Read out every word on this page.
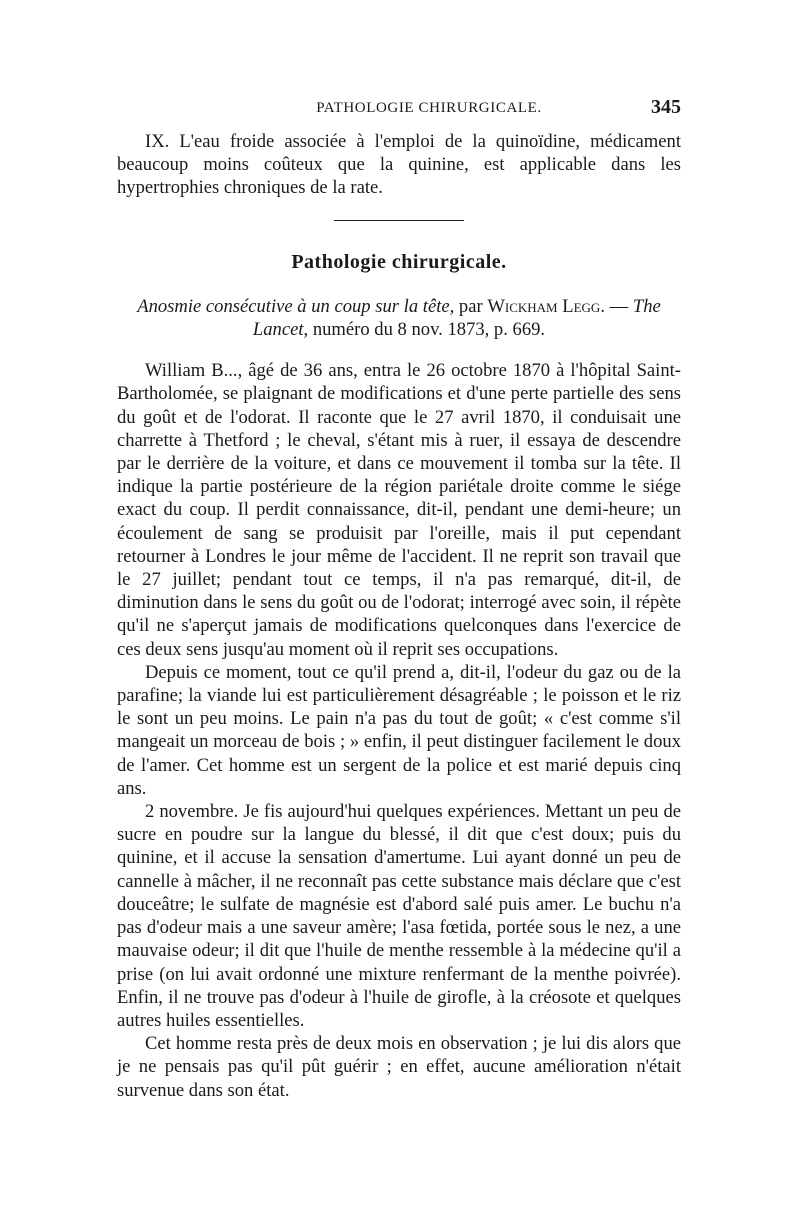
PATHOLOGIE CHIRURGICALE.	345

IX. L'eau froide associée à l'emploi de la quinoïdine, médicament beaucoup moins coûteux que la quinine, est applicable dans les hypertrophies chroniques de la rate.

Pathologie chirurgicale.
Anosmie consécutive à un coup sur la tête, par Wickham Legg. — The Lancet, numéro du 8 nov. 1873, p. 669.

William B..., âgé de 36 ans, entra le 26 octobre 1870 à l'hôpital Saint-Bartholomée, se plaignant de modifications et d'une perte partielle des sens du goût et de l'odorat. Il raconte que le 27 avril 1870, il conduisait une charrette à Thetford ; le cheval, s'étant mis à ruer, il essaya de descendre par le derrière de la voiture, et dans ce mouvement il tomba sur la tête. Il indique la partie postérieure de la région pariétale droite comme le siége exact du coup. Il perdit connaissance, dit-il, pendant une demi-heure; un écoulement de sang se produisit par l'oreille, mais il put cependant retourner à Londres le jour même de l'accident. Il ne reprit son travail que le 27 juillet; pendant tout ce temps, il n'a pas remarqué, dit-il, de diminution dans le sens du goût ou de l'odorat; interrogé avec soin, il répète qu'il ne s'aperçut jamais de modifications quelconques dans l'exercice de ces deux sens jusqu'au moment où il reprit ses occupations.

Depuis ce moment, tout ce qu'il prend a, dit-il, l'odeur du gaz ou de la parafine; la viande lui est particulièrement désagréable ; le poisson et le riz le sont un peu moins. Le pain n'a pas du tout de goût; « c'est comme s'il mangeait un morceau de bois ; » enfin, il peut distinguer facilement le doux de l'amer. Cet homme est un sergent de la police et est marié depuis cinq ans.

2 novembre. Je fis aujourd'hui quelques expériences. Mettant un peu de sucre en poudre sur la langue du blessé, il dit que c'est doux; puis du quinine, et il accuse la sensation d'amertume. Lui ayant donné un peu de cannelle à mâcher, il ne reconnaît pas cette substance mais déclare que c'est douceâtre; le sulfate de magnésie est d'abord salé puis amer. Le buchu n'a pas d'odeur mais a une saveur amère; l'asa fœtida, portée sous le nez, a une mauvaise odeur; il dit que l'huile de menthe ressemble à la médecine qu'il a prise (on lui avait ordonné une mixture renfermant de la menthe poivrée). Enfin, il ne trouve pas d'odeur à l'huile de girofle, à la créosote et quelques autres huiles essentielles.

Cet homme resta près de deux mois en observation ; je lui dis alors que je ne pensais pas qu'il pût guérir ; en effet, aucune amélioration n'était survenue dans son état.
